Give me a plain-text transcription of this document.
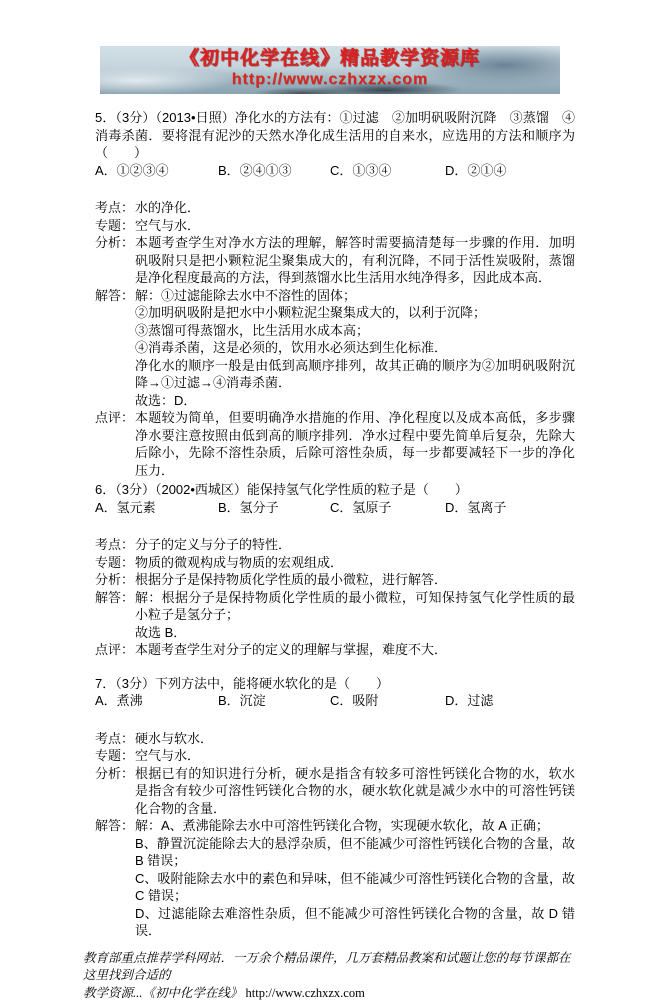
《初中化学在线》精品教学资源库
http://www.czhxzx.com
5．（3分）（2013•日照）净化水的方法有：①过滤　②加明矾吸附沉降　③蒸馏　④消毒杀菌．要将混有泥沙的天然水净化成生活用的自来水，应选用的方法和顺序为（　　）
A．①②③④	B．②④①③	C．①③④	D．②①④
考点： 水的净化．
专题： 空气与水．
分析： 本题考查学生对净水方法的理解，解答时需要搞清楚每一步骤的作用．加明矾吸附只是把小颗粒泥尘聚集成大的，有利沉降，不同于活性炭吸附，蒸馏是净化程度最高的方法，得到蒸馏水比生活用水纯净得多，因此成本高．
解答： 解：①过滤能除去水中不溶性的固体；
②加明矾吸附是把水中小颗粒泥尘聚集成大的，以利于沉降；
③蒸馏可得蒸馏水，比生活用水成本高；
④消毒杀菌，这是必须的，饮用水必须达到生化标准．
净化水的顺序一般是由低到高顺序排列，故其正确的顺序为②加明矾吸附沉降→①过滤→④消毒杀菌．
故选：D．
点评： 本题较为简单，但要明确净水措施的作用、净化程度以及成本高低，多步骤净水要注意按照由低到高的顺序排列．净水过程中要先简单后复杂，先除大后除小，先除不溶性杂质，后除可溶性杂质，每一步都要减轻下一步的净化压力．
6．（3分）（2002•西城区）能保持氢气化学性质的粒子是（　　）
A．氢元素	B．氢分子	C．氢原子	D．氢离子
考点： 分子的定义与分子的特性．
专题： 物质的微观构成与物质的宏观组成．
分析： 根据分子是保持物质化学性质的最小微粒，进行解答．
解答： 解：根据分子是保持物质化学性质的最小微粒，可知保持氢气化学性质的最小粒子是氢分子；
故选 B．
点评： 本题考查学生对分子的定义的理解与掌握，难度不大．
7．（3分）下列方法中，能将硬水软化的是（　　）
A．煮沸	B．沉淀	C．吸附	D．过滤
考点： 硬水与软水．
专题： 空气与水．
分析： 根据已有的知识进行分析，硬水是指含有较多可溶性钙镁化合物的水，软水是指含有较少可溶性钙镁化合物的水，硬水软化就是减少水中的可溶性钙镁化合物的含量．
解答： 解：A、煮沸能除去水中可溶性钙镁化合物，实现硬水软化，故 A 正确；
B、静置沉淀能除去大的悬浮杂质，但不能减少可溶性钙镁化合物的含量，故 B 错误；
C、吸附能除去水中的素色和异味，但不能减少可溶性钙镁化合物的含量，故 C 错误；
D、过滤能除去难溶性杂质，但不能减少可溶性钙镁化合物的含量，故 D 错误．
教育部重点推荐学科网站．一万余个精品课件，几万套精品教案和试题让您的每节课都在这里找到合适的
教学资源...《初中化学在线》 http://www.czhxzx.com
